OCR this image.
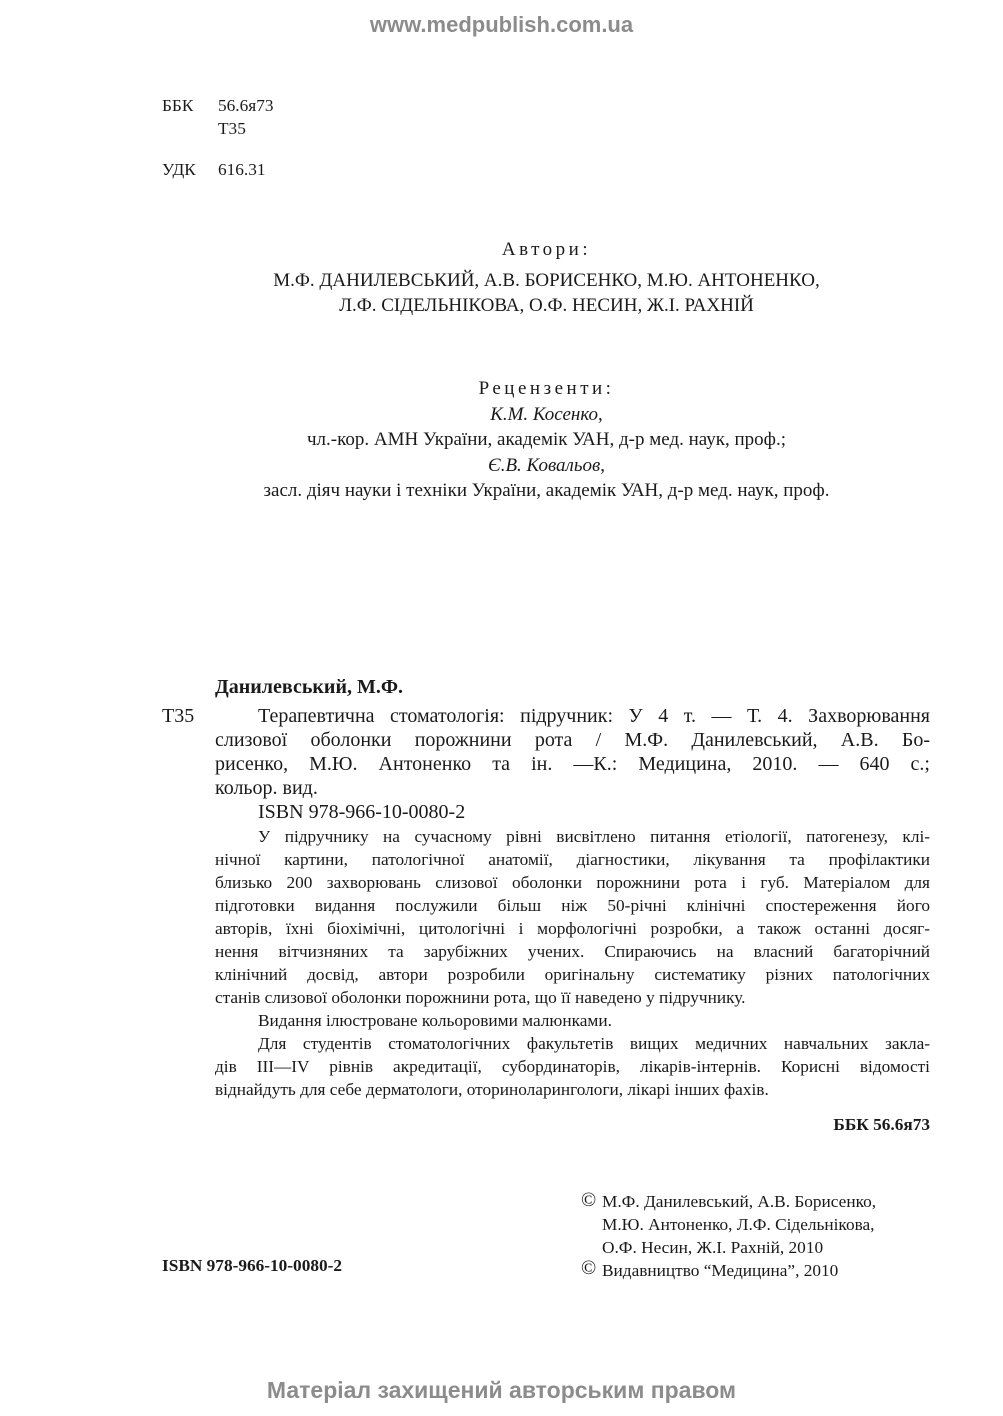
www.medpublish.com.ua
Матеріал захищений авторським правом
ББК 56.6я73
Т35
УДК 616.31
Автори:
М.Ф. ДАНИЛЕВСЬКИЙ, А.В. БОРИСЕНКО, М.Ю. АНТОНЕНКО,
Л.Ф. СІДЕЛЬНІКОВА, О.Ф. НЕСИН, Ж.І. РАХНІЙ
Рецензенти:
К.М. Косенко,
чл.-кор. АМН України, академік УАН, д-р мед. наук, проф.;
Є.В. Ковальов,
засл. діяч науки і техніки України, академік УАН, д-р мед. наук, проф.
Данилевський, М.Ф.
Т35	Терапевтична стоматологія: підручник: У 4 т. — Т. 4. Захворювання
слизової оболонки порожнини рота / М.Ф. Данилевський, А.В. Бо-
рисенко, М.Ю. Антоненко та ін. —К.: Медицина, 2010. — 640 с.;
кольор. вид.
ISBN 978-966-10-0080-2
У підручнику на сучасному рівні висвітлено питання етіології, патогенезу, клі-
нічної картини, патологічної анатомії, діагностики, лікування та профілактики
близько 200 захворювань слизової оболонки порожнини рота і губ. Матеріалом для
підготовки видання послужили більш ніж 50-річні клінічні спостереження його
авторів, їхні біохімічні, цитологічні і морфологічні розробки, а також останні досяг-
нення вітчизняних та зарубіжних учених. Спираючись на власний багаторічний
клінічний досвід, автори розробили оригінальну систематику різних патологічних
станів слизової оболонки порожнини рота, що її наведено у підручнику.
Видання ілюстроване кольоровими малюнками.
Для студентів стоматологічних факультетів вищих медичних навчальних закла-
дів ІІІ—IV рівнів акредитації, субординаторів, лікарів-інтернів. Корисні відомості
віднайдуть для себе дерматологи, оториноларингологи, лікарі інших фахів.
ББК 56.6я73
ISBN 978-966-10-0080-2
© М.Ф. Данилевський, А.В. Борисенко,
М.Ю. Антоненко, Л.Ф. Сідельнікова,
О.Ф. Несин, Ж.І. Рахній, 2010
© Видавництво “Медицина”, 2010
